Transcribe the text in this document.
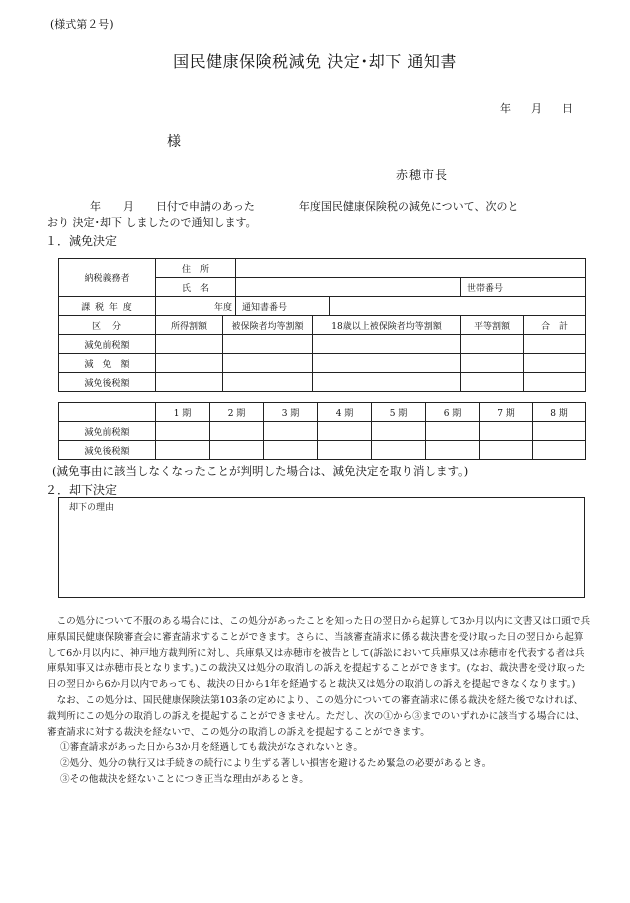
(様式第２号)
国民健康保険税減免 決定･却下 通知書
年月日
様
赤穂市長
年　　月　　日付で申請のあった　　　　年度国民健康保険税の減免について、次のと
おり 決定･却下 しましたので通知します。
１．減免決定
納税義務者	住　所						
	氏　名					世帯番号	
課 税 年 度	年度		通知書番号				
区　分	所得割額	被保険者均等割額		18歳以上被保険者均等割額		平等割額	合　計
減免前税額							
減　免　額							
減免後税額							
	1 期	2 期	3 期	4 期	5 期	6 期	7 期	8 期
減免前税額								
減免後税額								
(減免事由に該当しなくなったことが判明した場合は、減免決定を取り消します。)
２．却下決定
却下の理由

この処分について不服のある場合には、この処分があったことを知った日の翌日から起算して3か月以内に文書又は口頭で兵庫県国民健康保険審査会に審査請求することができます。さらに、当該審査請求に係る裁決書を受け取った日の翌日から起算して6か月以内に、神戸地方裁判所に対し、兵庫県又は赤穂市を被告として(訴訟において兵庫県又は赤穂市を代表する者は兵庫県知事又は赤穂市長となります。)この裁決又は処分の取消しの訴えを提起することができます。(なお、裁決書を受け取った日の翌日から6か月以内であっても、裁決の日から1年を経過すると裁決又は処分の取消しの訴えを提起できなくなります。)

なお、この処分は、国民健康保険法第103条の定めにより、この処分についての審査請求に係る裁決を経た後でなければ、裁判所にこの処分の取消しの訴えを提起することができません。ただし、次の①から③までのいずれかに該当する場合には、審査請求に対する裁決を経ないで、この処分の取消しの訴えを提起することができます。

①審査請求があった日から3か月を経過しても裁決がなされないとき。
②処分、処分の執行又は手続きの続行により生ずる著しい損害を避けるため緊急の必要があるとき。
③その他裁決を経ないことにつき正当な理由があるとき。
